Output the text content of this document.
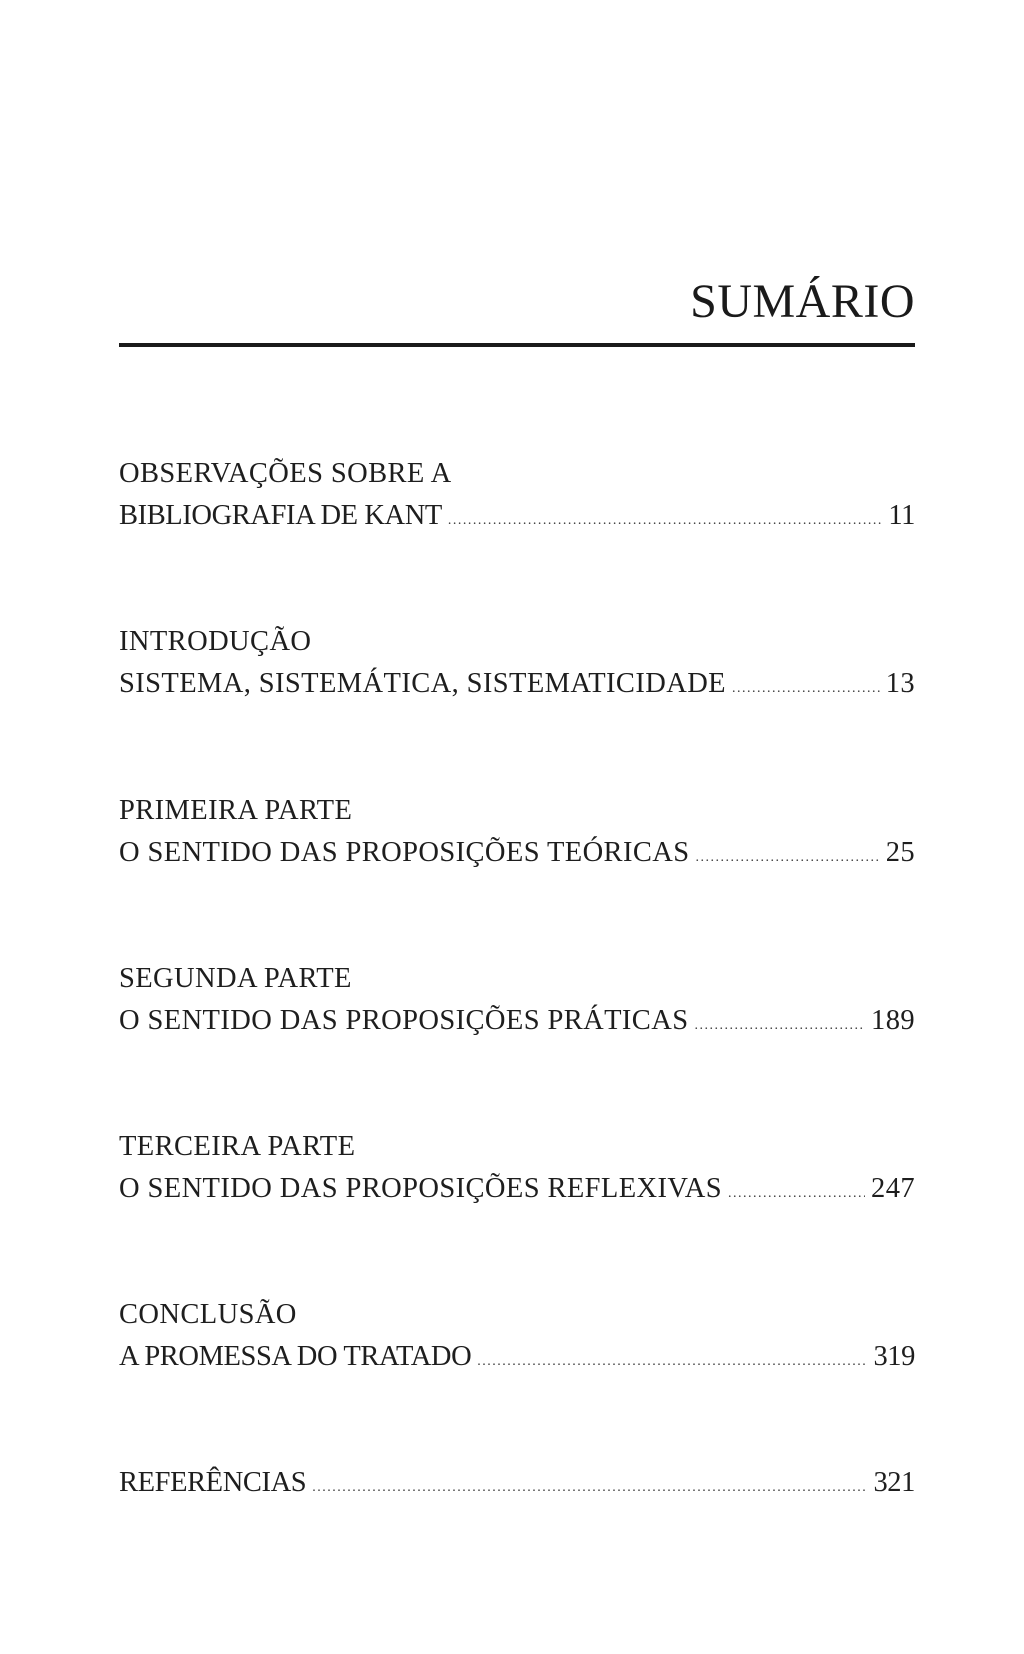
SUMÁRIO
OBSERVAÇÕES SOBRE A
BIBLIOGRAFIA DE KANT .....	11
INTRODUÇÃO
SISTEMA, SISTEMÁTICA, SISTEMATICIDADE .....	13
PRIMEIRA PARTE
O SENTIDO DAS PROPOSIÇÕES TEÓRICAS .....	25
SEGUNDA PARTE
O SENTIDO DAS PROPOSIÇÕES PRÁTICAS .....	189
TERCEIRA PARTE
O SENTIDO DAS PROPOSIÇÕES REFLEXIVAS .....	247
CONCLUSÃO
A PROMESSA DO TRATADO .....	319
REFERÊNCIAS .....	321
